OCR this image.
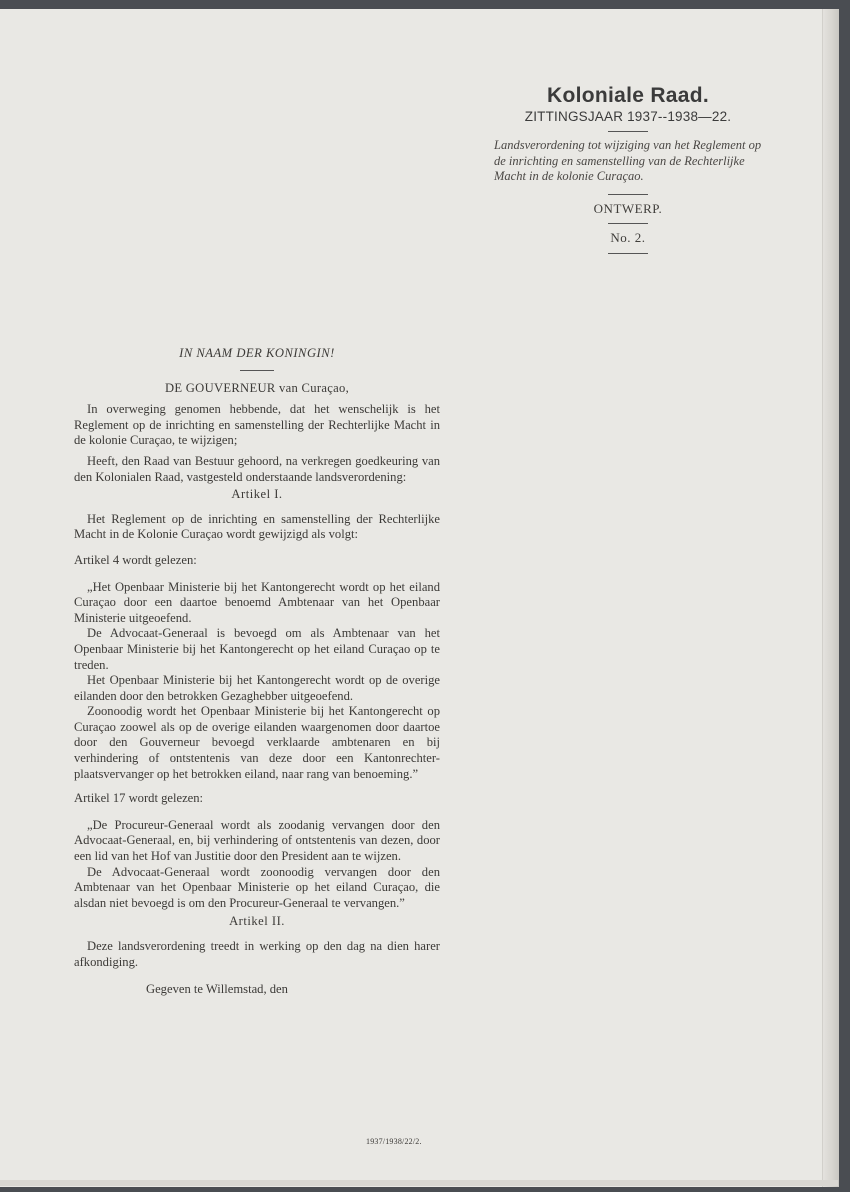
Koloniale Raad.
ZITTINGSJAAR 1937--1938—22.
Landsverordening tot wijziging van het Reglement op de inrichting en samenstelling van de Rechterlijke Macht in de kolonie Curaçao.
ONTWERP.
No. 2.
IN NAAM DER KONINGIN!
DE GOUVERNEUR van Curaçao,
In overweging genomen hebbende, dat het wenschelijk is het Reglement op de inrichting en samenstelling der Rechterlijke Macht in de kolonie Curaçao, te wijzigen;
Heeft, den Raad van Bestuur gehoord, na verkregen goedkeuring van den Kolonialen Raad, vastgesteld onderstaande landsverordening:
Artikel I.
Het Reglement op de inrichting en samenstelling der Rechterlijke Macht in de Kolonie Curaçao wordt gewijzigd als volgt:
Artikel 4 wordt gelezen:
„Het Openbaar Ministerie bij het Kantongerecht wordt op het eiland Curaçao door een daartoe benoemd Ambtenaar van het Openbaar Ministerie uitgeoefend.
De Advocaat-Generaal is bevoegd om als Ambtenaar van het Openbaar Ministerie bij het Kantongerecht op het eiland Curaçao op te treden.
Het Openbaar Ministerie bij het Kantongerecht wordt op de overige eilanden door den betrokken Gezaghebber uitgeoefend.
Zoonoodig wordt het Openbaar Ministerie bij het Kantongerecht op Curaçao zoowel als op de overige eilanden waargenomen door daartoe door den Gouverneur bevoegd verklaarde ambtenaren en bij verhindering of ontstentenis van deze door een Kantonrechter-plaatsvervanger op het betrokken eiland, naar rang van benoeming.”
Artikel 17 wordt gelezen:
„De Procureur-Generaal wordt als zoodanig vervangen door den Advocaat-Generaal, en, bij verhindering of ontstentenis van dezen, door een lid van het Hof van Justitie door den President aan te wijzen.
De Advocaat-Generaal wordt zoonoodig vervangen door den Ambtenaar van het Openbaar Ministerie op het eiland Curaçao, die alsdan niet bevoegd is om den Procureur-Generaal te vervangen.”
Artikel II.
Deze landsverordening treedt in werking op den dag na dien harer afkondiging.
Gegeven te Willemstad, den
1937/1938/22/2.
